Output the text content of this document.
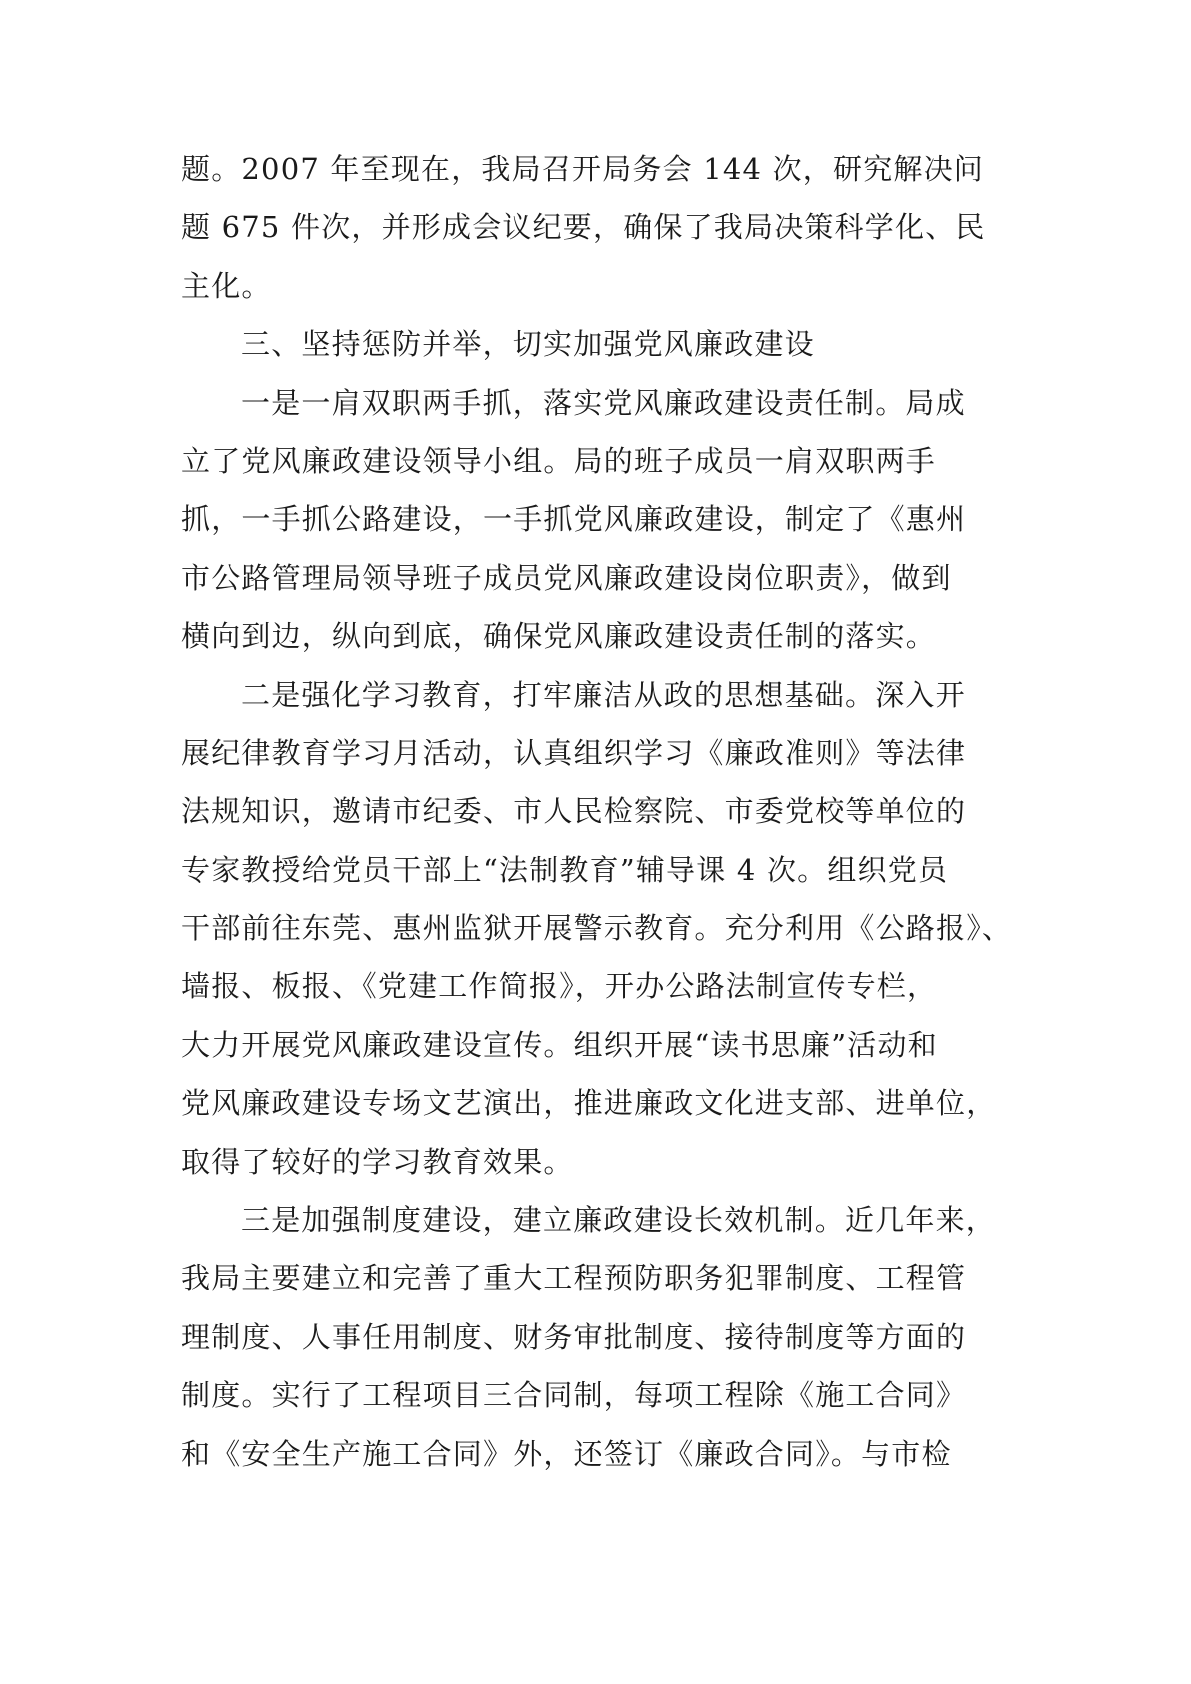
题。2007 年至现在，我局召开局务会 144 次，研究解决问
题 675 件次，并形成会议纪要，确保了我局决策科学化、民
主化。
三、坚持惩防并举，切实加强党风廉政建设
一是一肩双职两手抓，落实党风廉政建设责任制。局成
立了党风廉政建设领导小组。局的班子成员一肩双职两手
抓，一手抓公路建设，一手抓党风廉政建设，制定了《惠州
市公路管理局领导班子成员党风廉政建设岗位职责》，做到
横向到边，纵向到底，确保党风廉政建设责任制的落实。
二是强化学习教育，打牢廉洁从政的思想基础。深入开
展纪律教育学习月活动，认真组织学习《廉政准则》等法律
法规知识，邀请市纪委、市人民检察院、市委党校等单位的
专家教授给党员干部上“法制教育”辅导课 4 次。组织党员
干部前往东莞、惠州监狱开展警示教育。充分利用《公路报》、
墙报、板报、《党建工作简报》，开办公路法制宣传专栏，
大力开展党风廉政建设宣传。组织开展“读书思廉”活动和
党风廉政建设专场文艺演出，推进廉政文化进支部、进单位，
取得了较好的学习教育效果。
三是加强制度建设，建立廉政建设长效机制。近几年来，
我局主要建立和完善了重大工程预防职务犯罪制度、工程管
理制度、人事任用制度、财务审批制度、接待制度等方面的
制度。实行了工程项目三合同制，每项工程除《施工合同》
和《安全生产施工合同》外，还签订《廉政合同》。与市检
